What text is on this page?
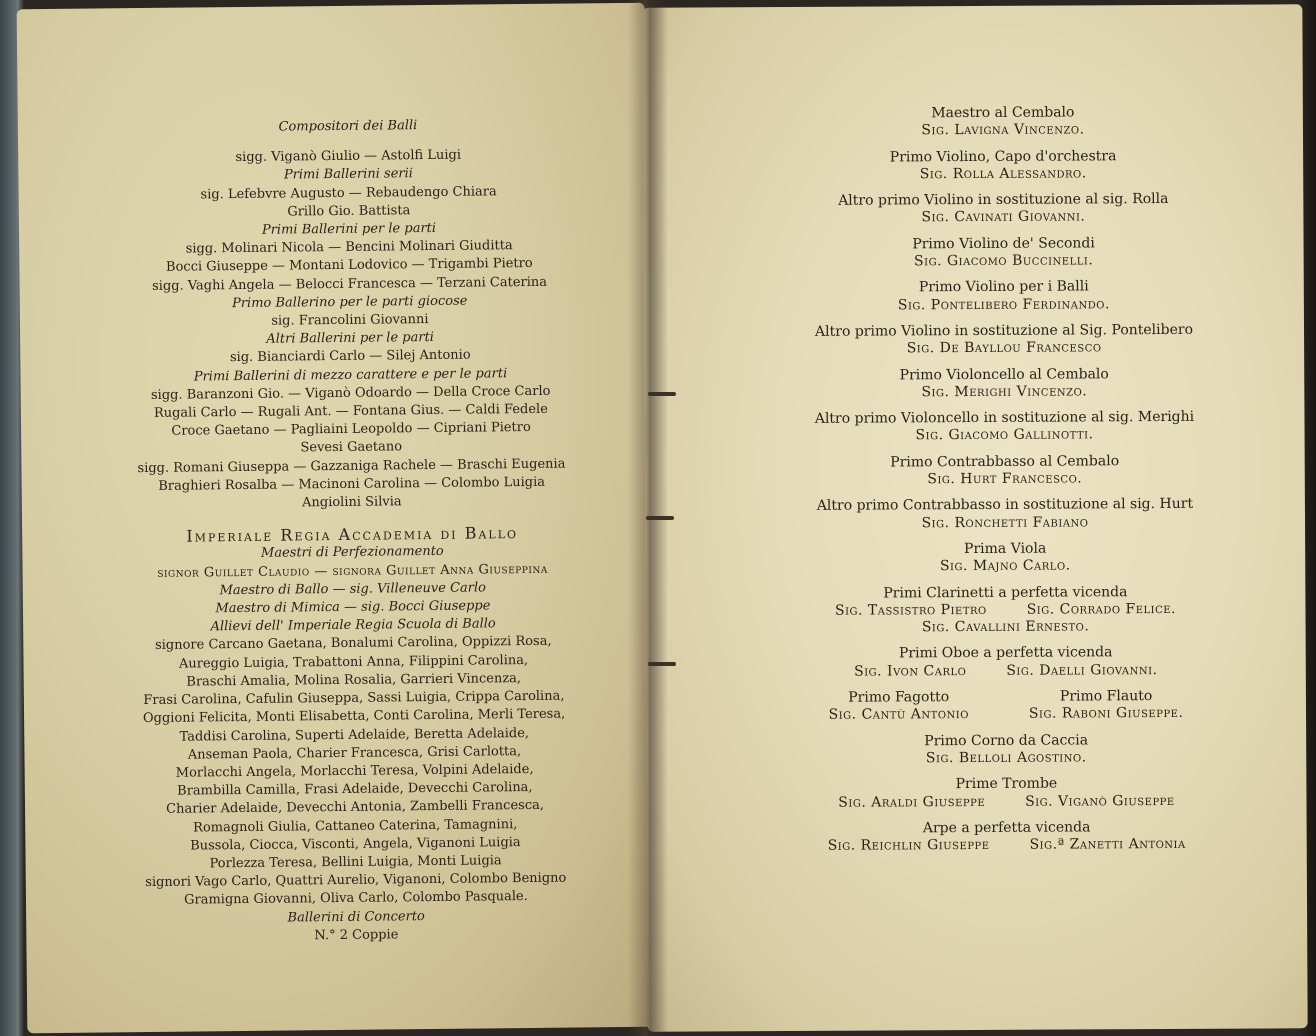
Compositori dei Balli
sigg. Viganò Giulio — Astolfi Luigi
Primi Ballerini serii
sig. Lefebvre Augusto — Rebaudengo Chiara
Grillo Gio. Battista
Primi Ballerini per le parti
sigg. Molinari Nicola — Bencini Molinari Giuditta
Bocci Giuseppe — Montani Lodovico — Trigambi Pietro
sigg. Vaghi Angela — Belocci Francesca — Terzani Caterina
Primo Ballerino per le parti giocose
sig. Francolini Giovanni
Altri Ballerini per le parti
sig. Bianciardi Carlo — Silej Antonio
Primi Ballerini di mezzo carattere e per le parti
sigg. Baranzoni Gio. — Viganò Odoardo — Della Croce Carlo
Rugali Carlo — Rugali Ant. — Fontana Gius. — Caldi Fedele
Croce Gaetano — Pagliaini Leopoldo — Cipriani Pietro
Sevesi Gaetano
sigg. Romani Giuseppa — Gazzaniga Rachele — Braschi Eugenia
Braghieri Rosalba — Macinoni Carolina — Colombo Luigia
Angiolini Silvia
Imperiale Regia Accademia di Ballo
Maestri di Perfezionamento
signor Guillet Claudio — signora Guillet Anna Giuseppina
Maestro di Ballo — sig. Villeneuve Carlo
Maestro di Mimica — sig. Bocci Giuseppe
Allievi dell' Imperiale Regia Scuola di Ballo
signore Carcano Gaetana, Bonalumi Carolina, Oppizzi Rosa,
Aureggio Luigia, Trabattoni Anna, Filippini Carolina,
Braschi Amalia, Molina Rosalia, Garrieri Vincenza,
Frasi Carolina, Cafulin Giuseppa, Sassi Luigia, Crippa Carolina,
Oggioni Felicita, Monti Elisabetta, Conti Carolina, Merli Teresa,
Taddisi Carolina, Superti Adelaide, Beretta Adelaide,
Anseman Paola, Charier Francesca, Grisi Carlotta,
Morlacchi Angela, Morlacchi Teresa, Volpini Adelaide,
Brambilla Camilla, Frasi Adelaide, Devecchi Carolina,
Charier Adelaide, Devecchi Antonia, Zambelli Francesca,
Romagnoli Giulia, Cattaneo Caterina, Tamagnini,
Bussola, Ciocca, Visconti, Angela, Viganoni Luigia
Porlezza Teresa, Bellini Luigia, Monti Luigia
signori Vago Carlo, Quattri Aurelio, Viganoni, Colombo Benigno
Gramigna Giovanni, Oliva Carlo, Colombo Pasquale.
Ballerini di Concerto
N.° 2 Coppie
Maestro al Cembalo
Sig. Lavigna Vincenzo.
Primo Violino, Capo d'orchestra
Sig. Rolla Alessandro.
Altro primo Violino in sostituzione al sig. Rolla
Sig. Cavinati Giovanni.
Primo Violino de' Secondi
Sig. Giacomo Buccinelli.
Primo Violino per i Balli
Sig. Pontelibero Ferdinando.
Altro primo Violino in sostituzione al Sig. Pontelibero
Sig. De Bayllou Francesco
Primo Violoncello al Cembalo
Sig. Merighi Vincenzo.
Altro primo Violoncello in sostituzione al sig. Merighi
Sig. Giacomo Gallinotti.
Primo Contrabbasso al Cembalo
Sig. Hurt Francesco.
Altro primo Contrabbasso in sostituzione al sig. Hurt
Sig. Ronchetti Fabiano
Prima Viola
Sig. Majno Carlo.
Primi Clarinetti a perfetta vicenda
Sig. Tassistro Pietro	Sig. Corrado Felice.
Sig. Cavallini Ernesto.
Primi Oboe a perfetta vicenda
Sig. Ivon Carlo	Sig. Daelli Giovanni.
Primo Fagotto
Sig. Cantù Antonio
Primo Flauto
Sig. Raboni Giuseppe.
Primo Corno da Caccia
Sig. Belloli Agostino.
Prime Trombe
Sig. Araldi Giuseppe	Sig. Viganò Giuseppe
Arpe a perfetta vicenda
Sig. Reichlin Giuseppe	Sig.ª Zanetti Antonia
